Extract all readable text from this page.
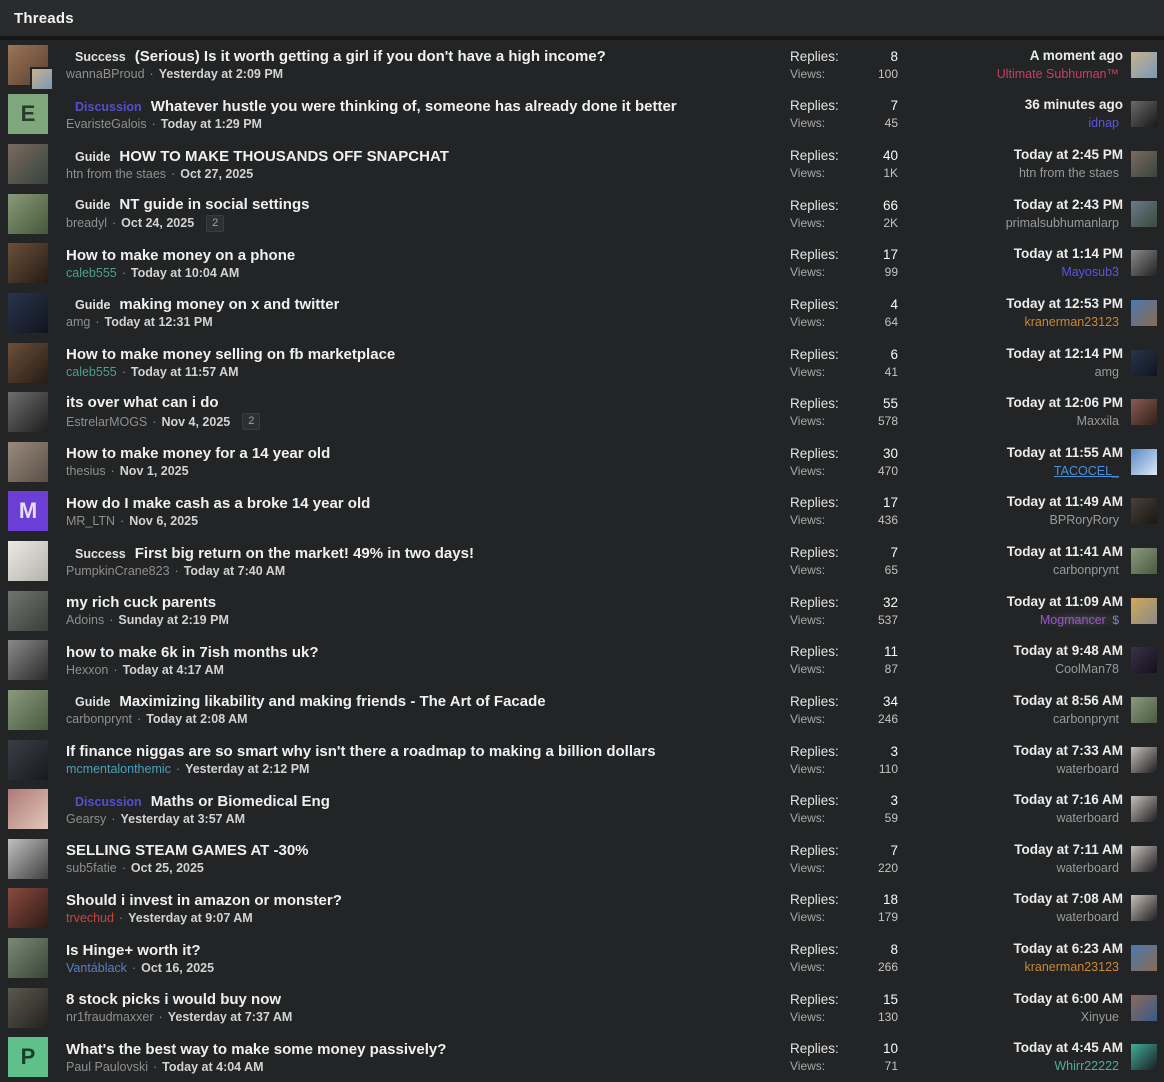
Threads
Success (Serious) Is it worth getting a girl if you don't have a high income?
wannaBProud · Yesterday at 2:09 PM
Replies:	8
Views:	100
A moment ago
Ultimate Subhuman™
E	Discussion Whatever hustle you were thinking of, someone has already done it better
EvaristeGalois · Today at 1:29 PM
Replies:	7
Views:	45
36 minutes ago
idnap
Guide HOW TO MAKE THOUSANDS OFF SNAPCHAT
htn from the staes · Oct 27, 2025
Replies:	40
Views:	1K
Today at 2:45 PM
htn from the staes
Guide NT guide in social settings
breadyl · Oct 24, 2025	2
Replies:	66
Views:	2K
Today at 2:43 PM
primalsubhumanlarp
How to make money on a phone
caleb555 · Today at 10:04 AM
Replies:	17
Views:	99
Today at 1:14 PM
Mayosub3
Guide making money on x and twitter
amg · Today at 12:31 PM
Replies:	4
Views:	64
Today at 12:53 PM
kranerman23123
How to make money selling on fb marketplace
caleb555 · Today at 11:57 AM
Replies:	6
Views:	41
Today at 12:14 PM
amg
its over what can i do
EstrelarMOGS · Nov 4, 2025	2
Replies:	55
Views:	578
Today at 12:06 PM
Maxxila
How to make money for a 14 year old
thesius · Nov 1, 2025
Replies:	30
Views:	470
Today at 11:55 AM
TACOCEL_
M How do I make cash as a broke 14 year old
MR_LTN · Nov 6, 2025
Replies:	17
Views:	436
Today at 11:49 AM
BPRoryRory
Success First big return on the market! 49% in two days!
PumpkinCrane823 · Today at 7:40 AM
Replies:	7
Views:	65
Today at 11:41 AM
carbonprynt
my rich cuck parents
Adoins · Sunday at 2:19 PM
Replies:	32
Views:	537
Today at 11:09 AM
Mogmancer $
how to make 6k in 7ish months uk?
Hexxon · Today at 4:17 AM
Replies:	11
Views:	87
Today at 9:48 AM
CoolMan78
Guide Maximizing likability and making friends - The Art of Facade
carbonprynt · Today at 2:08 AM
Replies:	34
Views:	246
Today at 8:56 AM
carbonprynt
If finance niggas are so smart why isn't there a roadmap to making a billion dollars
mcmentalonthemic · Yesterday at 2:12 PM
Replies:	3
Views:	110
Today at 7:33 AM
waterboard
Discussion Maths or Biomedical Eng
Gearsy · Yesterday at 3:57 AM
Replies:	3
Views:	59
Today at 7:16 AM
waterboard
SELLING STEAM GAMES AT -30%
sub5fatie · Oct 25, 2025
Replies:	7
Views:	220
Today at 7:11 AM
waterboard
Should i invest in amazon or monster?
trvechud · Yesterday at 9:07 AM
Replies:	18
Views:	179
Today at 7:08 AM
waterboard
Is Hinge+ worth it?
Vantáblack · Oct 16, 2025
Replies:	8
Views:	266
Today at 6:23 AM
kranerman23123
8 stock picks i would buy now
nr1fraudmaxxer · Yesterday at 7:37 AM
Replies:	15
Views:	130
Today at 6:00 AM
Xinyue
P What's the best way to make some money passively?
Paul Paulovski · Today at 4:04 AM
Replies:	10
Views:	71
Today at 4:45 AM
Whirr22222
